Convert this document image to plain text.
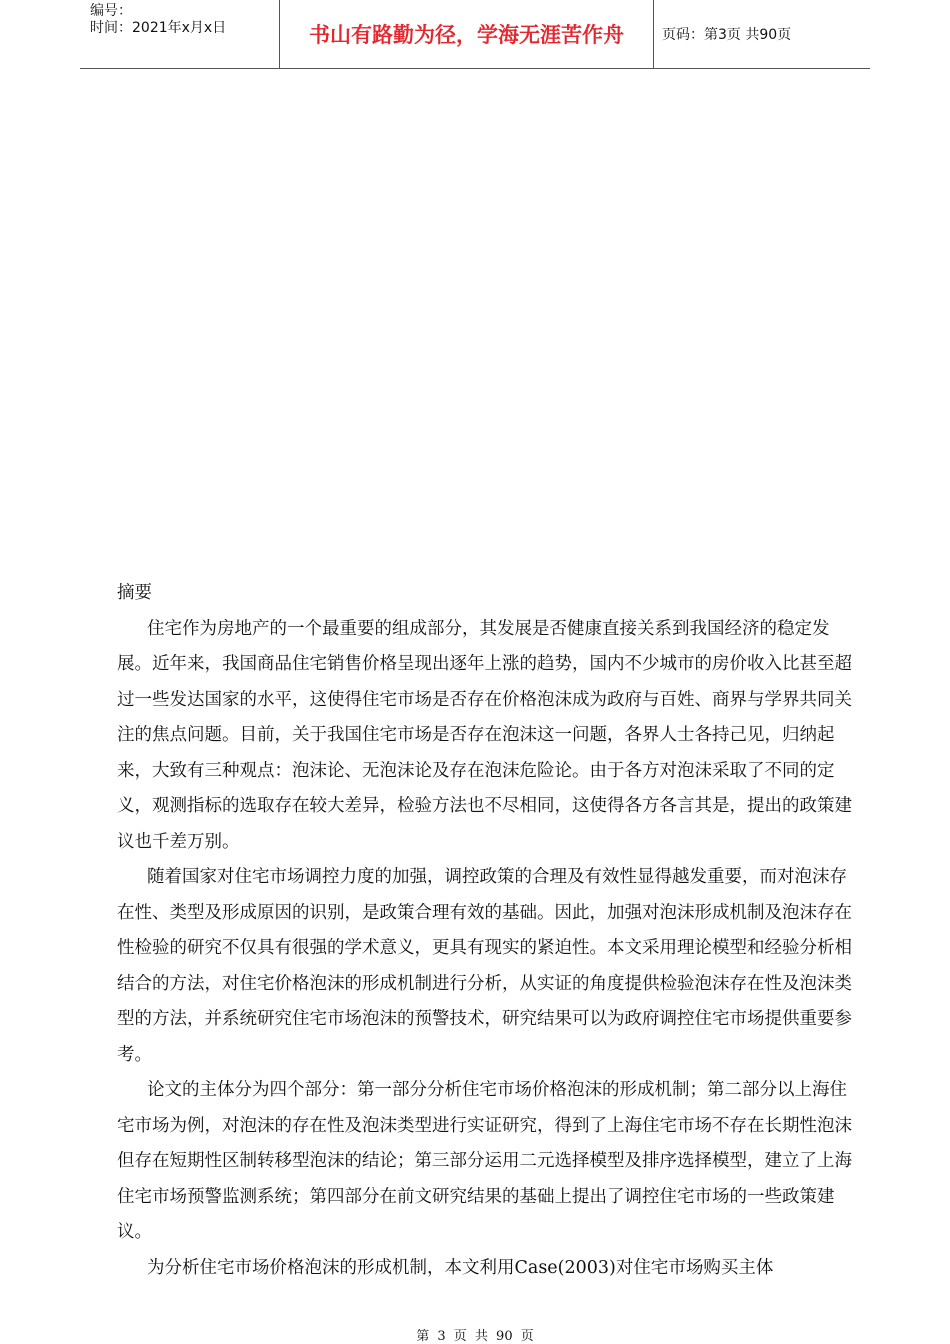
编号：
时间：2021年x月x日	书山有路勤为径，学海无涯苦作舟	页码：第3页 共90页

摘要

住宅作为房地产的一个最重要的组成部分，其发展是否健康直接关系到我国经济的稳定发展。近年来，我国商品住宅销售价格呈现出逐年上涨的趋势，国内不少城市的房价收入比甚至超过一些发达国家的水平，这使得住宅市场是否存在价格泡沫成为政府与百姓、商界与学界共同关注的焦点问题。目前，关于我国住宅市场是否存在泡沫这一问题，各界人士各持己见，归纳起来，大致有三种观点：泡沫论、无泡沫论及存在泡沫危险论。由于各方对泡沫采取了不同的定义，观测指标的选取存在较大差异，检验方法也不尽相同，这使得各方各言其是，提出的政策建议也千差万别。

随着国家对住宅市场调控力度的加强，调控政策的合理及有效性显得越发重要，而对泡沫存在性、类型及形成原因的识别，是政策合理有效的基础。因此，加强对泡沫形成机制及泡沫存在性检验的研究不仅具有很强的学术意义，更具有现实的紧迫性。本文采用理论模型和经验分析相结合的方法，对住宅价格泡沫的形成机制进行分析，从实证的角度提供检验泡沫存在性及泡沫类型的方法，并系统研究住宅市场泡沫的预警技术，研究结果可以为政府调控住宅市场提供重要参考。

论文的主体分为四个部分：第一部分分析住宅市场价格泡沫的形成机制；第二部分以上海住宅市场为例，对泡沫的存在性及泡沫类型进行实证研究，得到了上海住宅市场不存在长期性泡沫但存在短期性区制转移型泡沫的结论；第三部分运用二元选择模型及排序选择模型，建立了上海住宅市场预警监测系统；第四部分在前文研究结果的基础上提出了调控住宅市场的一些政策建议。

为分析住宅市场价格泡沫的形成机制，本文利用Case(2003)对住宅市场购买主体

第 3 页 共 90 页
